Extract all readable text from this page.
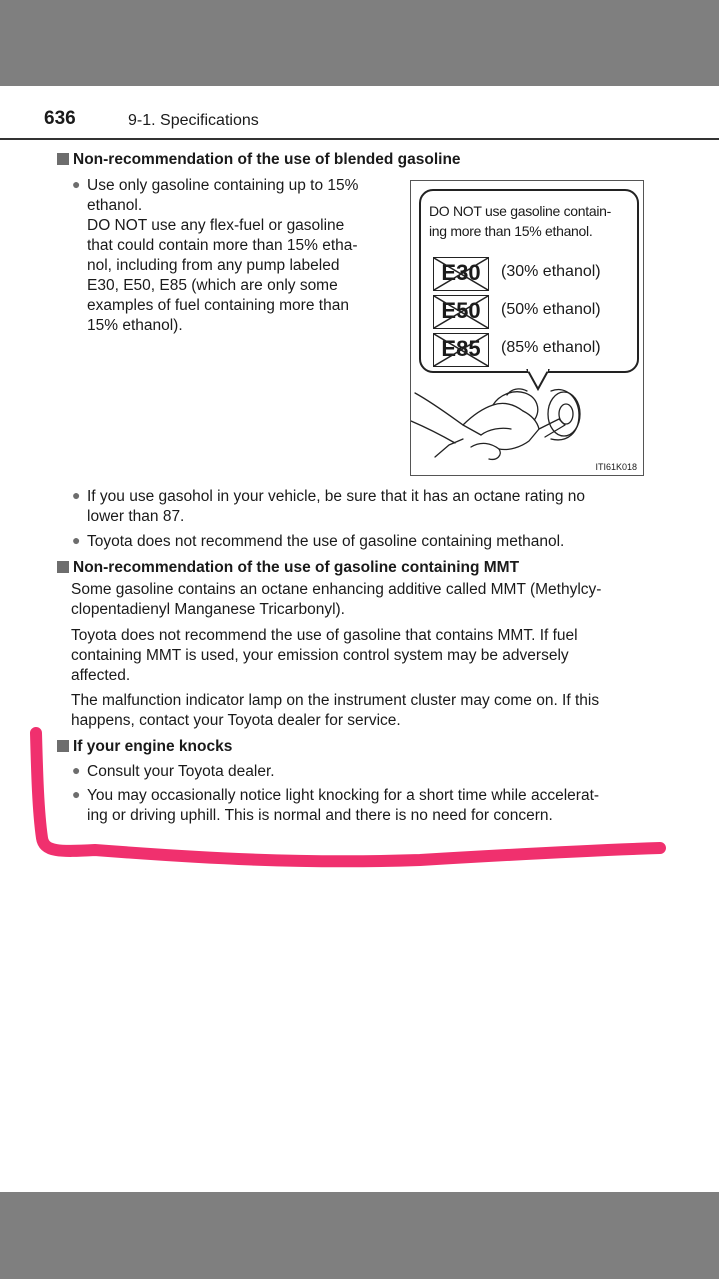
636	9-1. Specifications
Non-recommendation of the use of blended gasoline
● Use only gasoline containing up to 15%
ethanol.
DO NOT use any flex-fuel or gasoline
that could contain more than 15% etha-
nol, including from any pump labeled
E30, E50, E85 (which are only some
examples of fuel containing more than
15% ethanol).
DO NOT use gasoline contain-
ing more than 15% ethanol.
E30	(30% ethanol)
E50	(50% ethanol)
E85	(85% ethanol)
ITI61K018
● If you use gasohol in your vehicle, be sure that it has an octane rating no
lower than 87.
● Toyota does not recommend the use of gasoline containing methanol.
Non-recommendation of the use of gasoline containing MMT
Some gasoline contains an octane enhancing additive called MMT (Methylcy-
clopentadienyl Manganese Tricarbonyl).
Toyota does not recommend the use of gasoline that contains MMT. If fuel
containing MMT is used, your emission control system may be adversely
affected.
The malfunction indicator lamp on the instrument cluster may come on. If this
happens, contact your Toyota dealer for service.
If your engine knocks
● Consult your Toyota dealer.
● You may occasionally notice light knocking for a short time while accelerat-
ing or driving uphill. This is normal and there is no need for concern.
